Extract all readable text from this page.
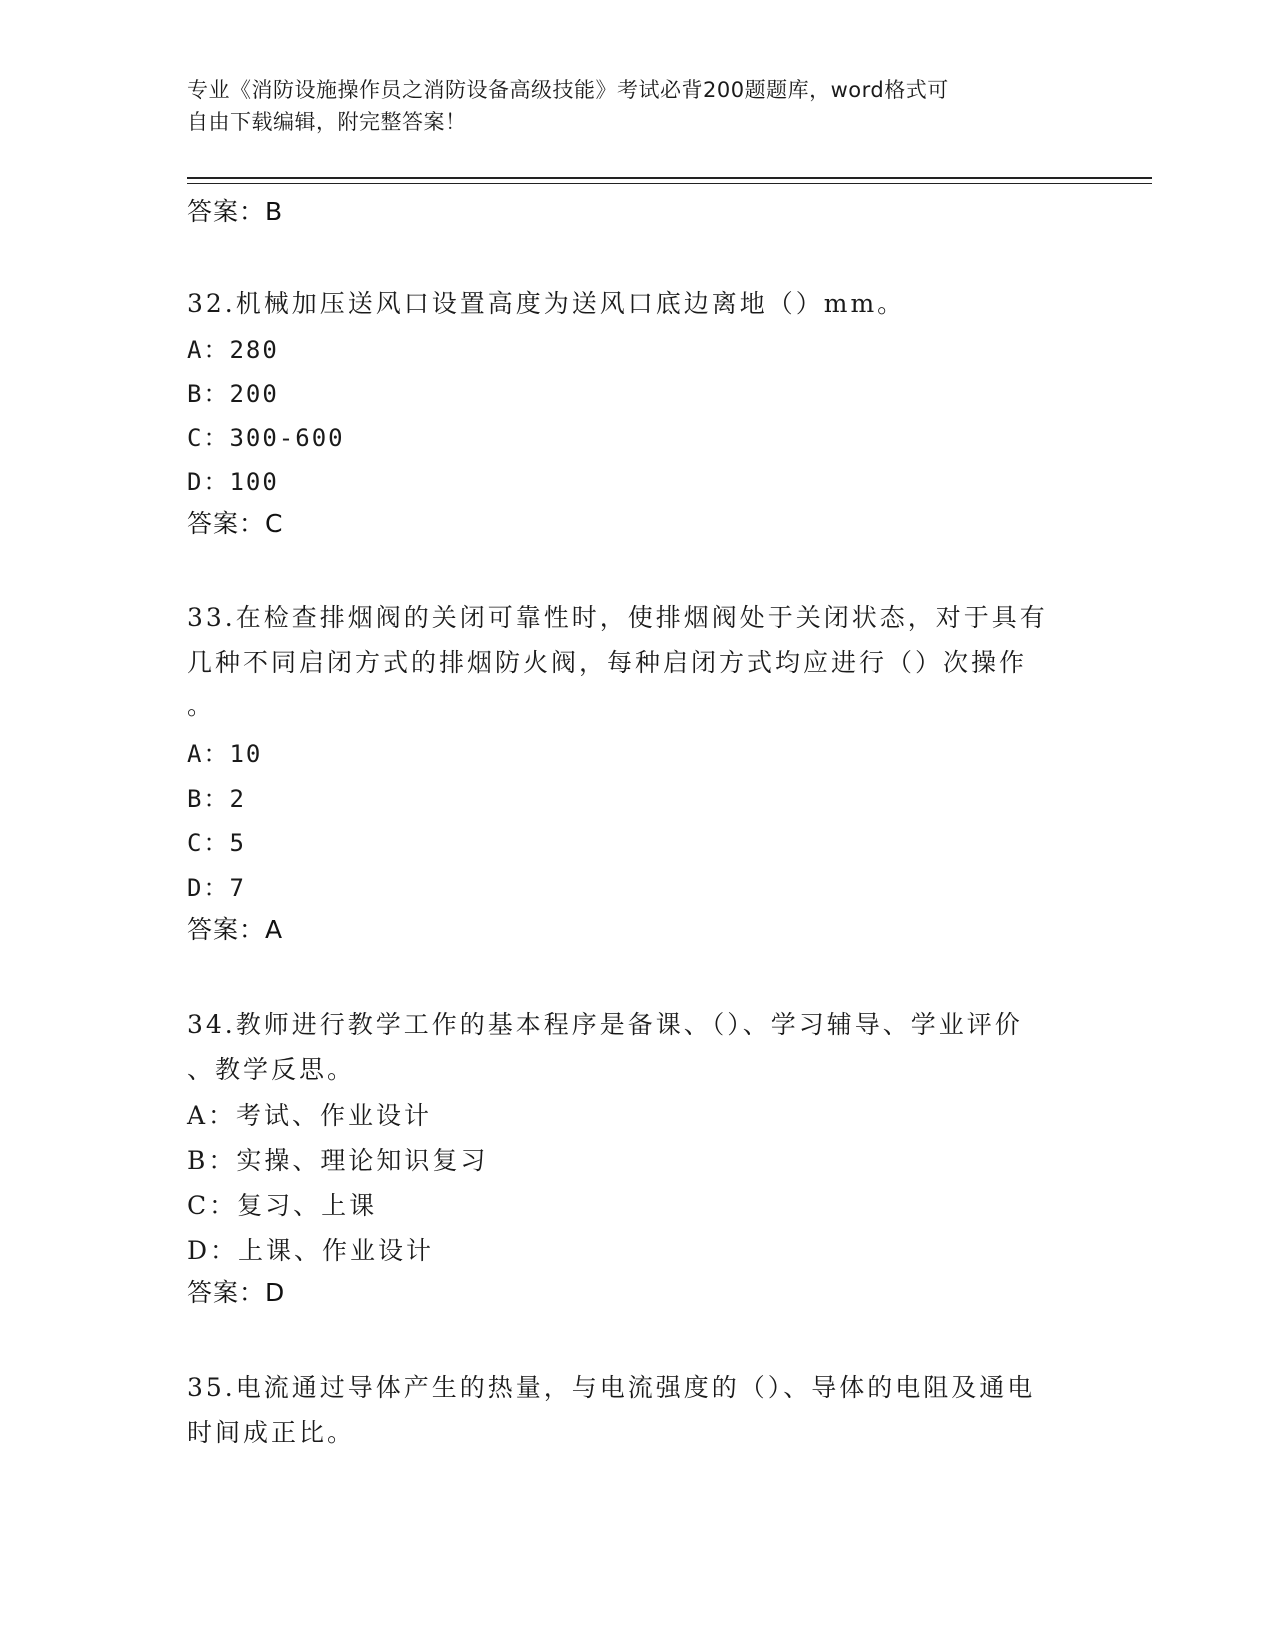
专业《消防设施操作员之消防设备高级技能》考试必背200题题库，word格式可
自由下载编辑，附完整答案！
答案：B
32.机械加压送风口设置高度为送风口底边离地（）mm。
A：280
B：200
C：300-600
D：100
答案：C
33.在检查排烟阀的关闭可靠性时，使排烟阀处于关闭状态，对于具有
几种不同启闭方式的排烟防火阀，每种启闭方式均应进行（）次操作
。
A：10
B：2
C：5
D：7
答案：A
34.教师进行教学工作的基本程序是备课、（）、学习辅导、学业评价
、教学反思。
A：考试、作业设计
B：实操、理论知识复习
C：复习、上课
D：上课、作业设计
答案：D
35.电流通过导体产生的热量，与电流强度的（）、导体的电阻及通电
时间成正比。
